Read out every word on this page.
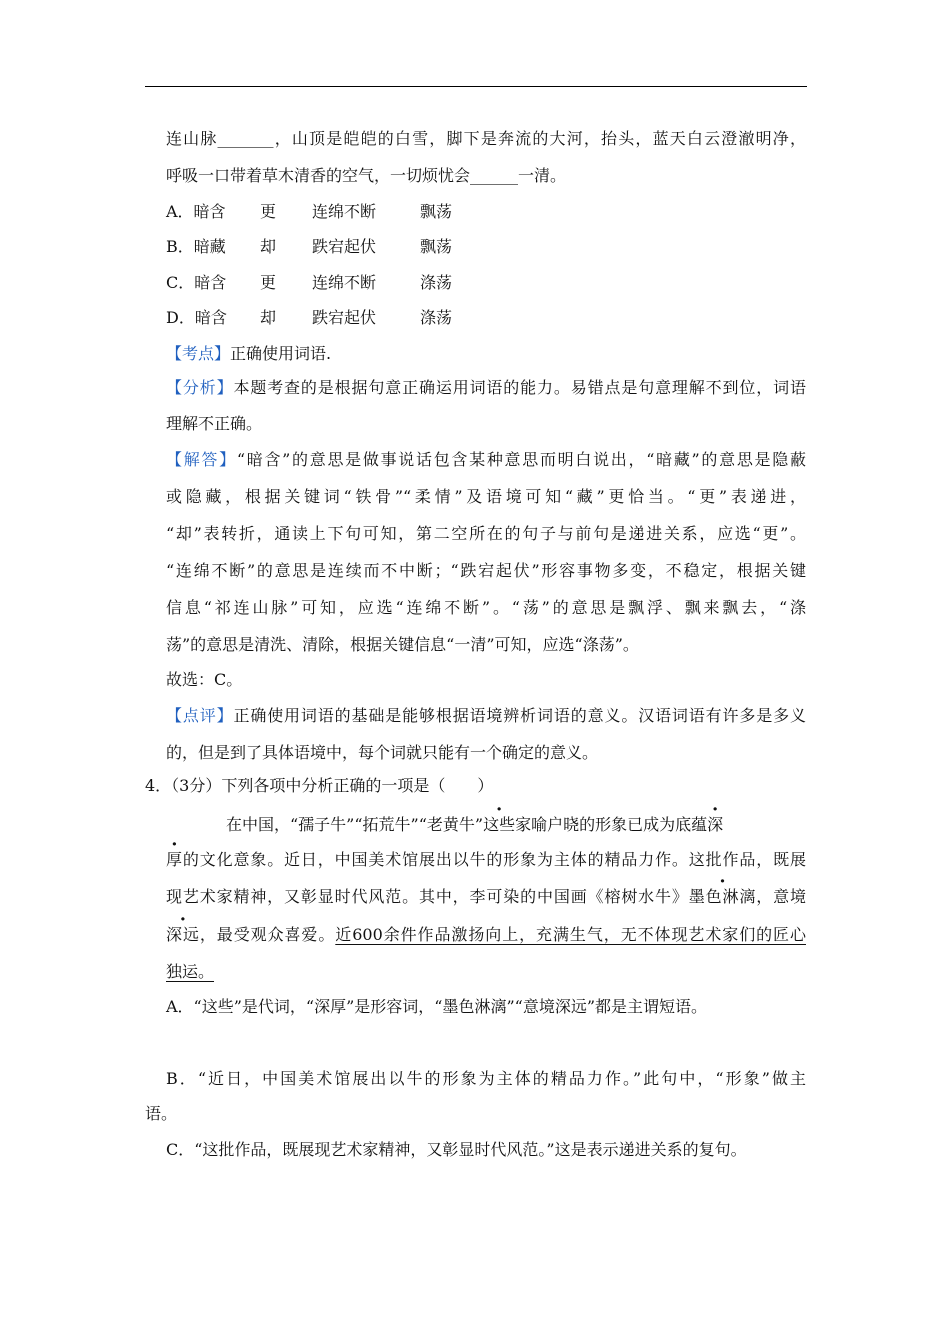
连山脉_______，山顶是皑皑的白雪，脚下是奔流的大河，抬头，蓝天白云澄澈明净，
呼吸一口带着草木清香的空气，一切烦忧会______一清。
A．暗含 更 连绵不断	飘荡
B．暗藏 却 跌宕起伏	飘荡
C．暗含 更 连绵不断	涤荡
D．暗含 却 跌宕起伏	涤荡
【考点】正确使用词语.
【分析】本题考查的是根据句意正确运用词语的能力。易错点是句意理解不到位，词语
理解不正确。
【解答】“暗含”的意思是做事说话包含某种意思而明白说出，“暗藏”的意思是隐蔽
或隐藏，根据关键词“铁骨”“柔情”及语境可知“藏”更恰当。“更”表递进，
“却”表转折，通读上下句可知，第二空所在的句子与前句是递进关系，应选“更”。
“连绵不断”的意思是连续而不中断；“跌宕起伏”形容事物多变，不稳定，根据关键
信息“祁连山脉”可知，应选“连绵不断”。“荡”的意思是飘浮、飘来飘去，“涤
荡”的意思是清洗、清除，根据关键信息“一清”可知，应选“涤荡”。
故选：C。
【点评】正确使用词语的基础是能够根据语境辨析词语的意义。汉语词语有许多是多义
的，但是到了具体语境中，每个词就只能有一个确定的意义。
4．（3分）下列各项中分析正确的一项是（　　）
在中国，“孺子牛”“拓荒牛”“老黄牛”这些家喻户晓的形象已成为底蕴深
厚的文化意象。近日，中国美术馆展出以牛的形象为主体的精品力作。这批作品，既展
现艺术家精神，又彰显时代风范。其中，李可染的中国画《榕树水牛》墨色淋漓，意境
深远，最受观众喜爱。近600余件作品激扬向上，充满生气，无不体现艺术家们的匠心
独运。
A．“这些”是代词，“深厚”是形容词，“墨色淋漓”“意境深远”都是主谓短语。
B．“近日，中国美术馆展出以牛的形象为主体的精品力作。”此句中，“形象”做主
语。
C．“这批作品，既展现艺术家精神，又彰显时代风范。”这是表示递进关系的复句。
